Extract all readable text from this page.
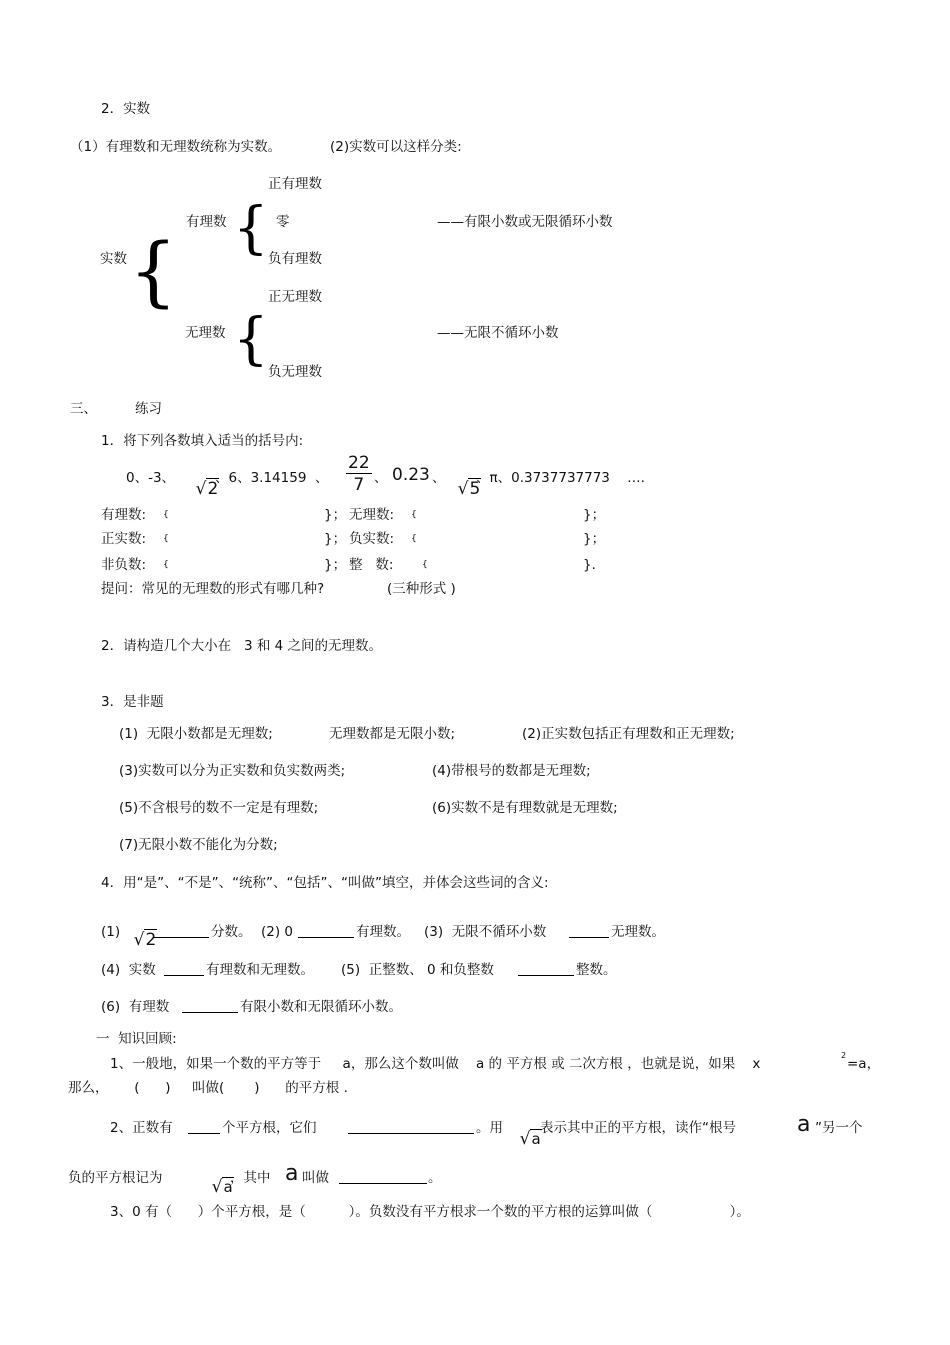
2．实数
（1）有理数和无理数统称为实数。	(2)实数可以这样分类:
正有理数
有理数 { 零	——有限小数或无限循环小数
负有理数
实数 {	正无理数
无理数 {	——无限不循环小数
负无理数
三、	练习
1．将下列各数填入适当的括号内:
0、-3、

√2

、6、3.14159  、 $\frac{22}{7}$ 、 0.23 、

√5

、π、0.3737737773    ….
有理数: {	}； 无理数: {	}；
正实数: {	}； 负实数: {	}；
非负数: {	}； 整   数:	{	}．
提问：常见的无理数的形式有哪几种?	(三种形式 )
2．请构造几个大小在   3 和 4 之间的无理数。
3．是非题
(1)  无限小数都是无理数;	无理数都是无限小数;	(2)正实数包括正有理数和正无理数;
(3)实数可以分为正实数和负实数两类;	(4)带根号的数都是无理数;
(5)不含根号的数不一定是有理数;	(6)实数不是有理数就是无理数;
(7)无限小数不能化为分数;
4．用“是”、“不是”、“统称”、“包括”、“叫做”填空，并体会这些词的含义:
(1) √2	分数。 (2) 0	有理数。 (3)  无限不循环小数	无理数。
(4)  实数	有理数和无理数。 (5)  正整数、 0 和负整数	整数。
(6)  有理数	有限小数和无限循环小数。
一  知识回顾:
1、一般地，如果一个数的平方等于     a，那么这个数叫做    a 的 平方根 或 二次方根 ，也就是说，如果    x
2
=a，
那么，      (      )     叫做(       )      的平方根 .
2、正数有	个平方根，它们	。用

√a

表示其中正的平方根，读作“根号	a ”另一个
负的平方根记为	√a

，其中 a 叫做	。
3、0 有（      ）个平方根，是（          ）。负数没有平方根求一个数的平方根的运算叫做（                  ）。
